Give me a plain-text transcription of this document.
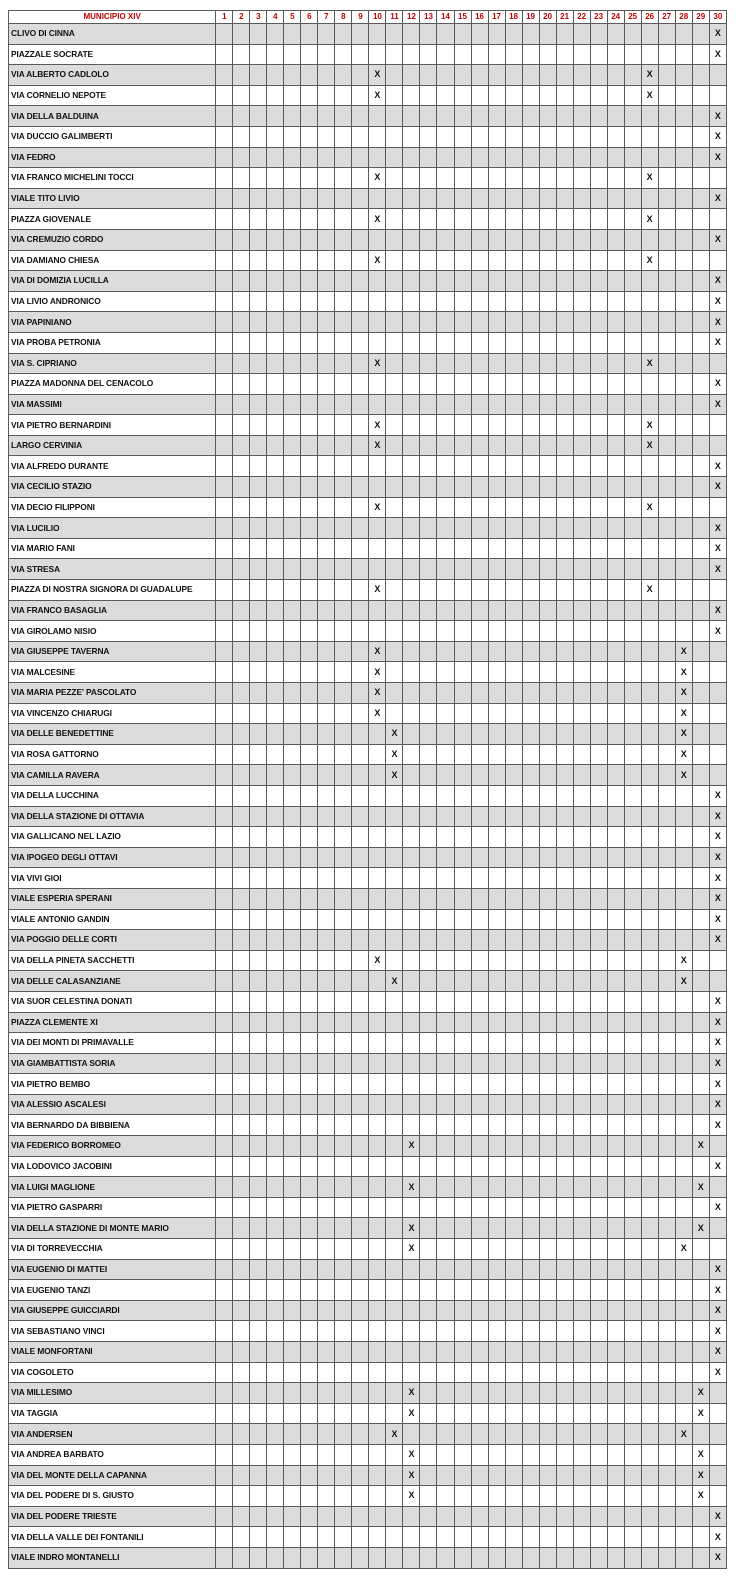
MUNICIPIO XIV	1	2	3	4	5	6	7	8	9	10	11	12	13	14	15	16	17	18	19	20	21	22	23	24	25	26	27	28	29	30
CLIVO DI CINNA																														X
PIAZZALE SOCRATE																														X
VIA ALBERTO CADLOLO										X																X				
VIA CORNELIO NEPOTE										X																X				
VIA DELLA BALDUINA																														X
VIA DUCCIO GALIMBERTI																														X
VIA FEDRO																														X
VIA FRANCO MICHELINI TOCCI										X																X				
VIALE TITO LIVIO																														X
PIAZZA GIOVENALE										X																X				
VIA CREMUZIO CORDO																														X
VIA DAMIANO CHIESA										X																X				
VIA DI DOMIZIA LUCILLA																														X
VIA LIVIO ANDRONICO																														X
VIA PAPINIANO																														X
VIA PROBA PETRONIA																														X
VIA S. CIPRIANO										X																X				
PIAZZA MADONNA DEL CENACOLO																														X
VIA MASSIMI																														X
VIA PIETRO BERNARDINI										X																X				
LARGO CERVINIA										X																X				
VIA ALFREDO DURANTE																														X
VIA CECILIO STAZIO																														X
VIA DECIO FILIPPONI										X																X				
VIA LUCILIO																														X
VIA MARIO FANI																														X
VIA STRESA																														X
PIAZZA DI NOSTRA SIGNORA DI GUADALUPE										X																X				
VIA FRANCO BASAGLIA																														X
VIA GIROLAMO NISIO																														X
VIA GIUSEPPE TAVERNA										X																		X		
VIA MALCESINE										X																		X		
VIA MARIA PEZZE' PASCOLATO										X																		X		
VIA VINCENZO CHIARUGI										X																		X		
VIA DELLE BENEDETTINE											X																	X		
VIA ROSA GATTORNO											X																	X		
VIA CAMILLA RAVERA											X																	X		
VIA DELLA LUCCHINA																														X
VIA DELLA STAZIONE DI OTTAVIA																														X
VIA GALLICANO NEL LAZIO																														X
VIA IPOGEO DEGLI OTTAVI																														X
VIA VIVI GIOI																														X
VIALE ESPERIA SPERANI																														X
VIALE ANTONIO GANDIN																														X
VIA POGGIO DELLE CORTI																														X
VIA DELLA PINETA SACCHETTI										X																		X		
VIA DELLE CALASANZIANE											X																	X		
VIA SUOR CELESTINA DONATI																														X
PIAZZA CLEMENTE XI																														X
VIA DEI MONTI DI PRIMAVALLE																														X
VIA GIAMBATTISTA SORIA																														X
VIA PIETRO BEMBO																														X
VIA ALESSIO ASCALESI																														X
VIA BERNARDO DA BIBBIENA																														X
VIA FEDERICO BORROMEO												X																	X	
VIA LODOVICO JACOBINI																														X
VIA LUIGI MAGLIONE												X																	X	
VIA PIETRO GASPARRI																														X
VIA DELLA STAZIONE DI MONTE MARIO												X																	X	
VIA DI TORREVECCHIA												X																X		
VIA EUGENIO DI MATTEI																														X
VIA EUGENIO TANZI																														X
VIA GIUSEPPE GUICCIARDI																														X
VIA SEBASTIANO VINCI																														X
VIALE MONFORTANI																														X
VIA COGOLETO																														X
VIA MILLESIMO												X																	X	
VIA TAGGIA												X																	X	
VIA ANDERSEN											X																	X		
VIA ANDREA BARBATO												X																	X	
VIA DEL MONTE DELLA CAPANNA												X																	X	
VIA DEL PODERE DI S. GIUSTO												X																	X	
VIA DEL PODERE TRIESTE																														X
VIA DELLA VALLE DEI FONTANILI																														X
VIALE INDRO MONTANELLI																														X
